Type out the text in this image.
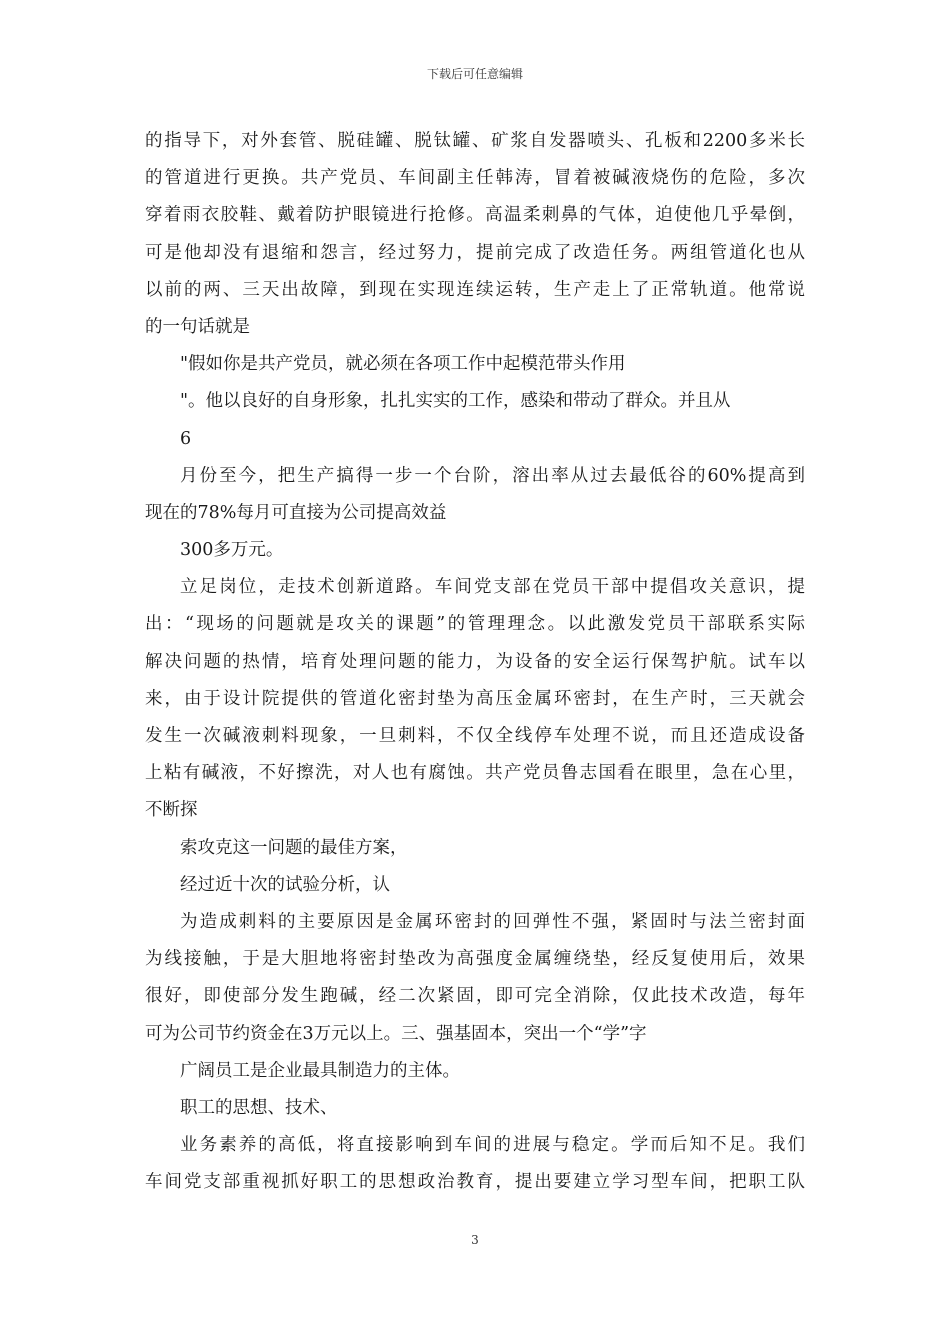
下载后可任意编辑
的指导下，对外套管、脱硅罐、脱钛罐、矿浆自发器喷头、孔板和2200多米长
的管道进行更换。共产党员、车间副主任韩涛，冒着被碱液烧伤的危险，多次
穿着雨衣胶鞋、戴着防护眼镜进行抢修。高温柔刺鼻的气体，迫使他几乎晕倒，
可是他却没有退缩和怨言，经过努力，提前完成了改造任务。两组管道化也从
以前的两、三天出故障，到现在实现连续运转，生产走上了正常轨道。他常说
的一句话就是
"假如你是共产党员，就必须在各项工作中起模范带头作用
"。他以良好的自身形象，扎扎实实的工作，感染和带动了群众。并且从
6
月份至今，把生产搞得一步一个台阶，溶出率从过去最低谷的60%提高到
现在的78%每月可直接为公司提高效益
300多万元。
立足岗位，走技术创新道路。车间党支部在党员干部中提倡攻关意识，提
出：“现场的问题就是攻关的课题”的管理理念。以此激发党员干部联系实际
解决问题的热情，培育处理问题的能力，为设备的安全运行保驾护航。试车以
来，由于设计院提供的管道化密封垫为高压金属环密封，在生产时，三天就会
发生一次碱液刺料现象，一旦刺料，不仅全线停车处理不说，而且还造成设备
上粘有碱液，不好擦洗，对人也有腐蚀。共产党员鲁志国看在眼里，急在心里，
不断探
索攻克这一问题的最佳方案，
经过近十次的试验分析，认
为造成刺料的主要原因是金属环密封的回弹性不强，紧固时与法兰密封面
为线接触，于是大胆地将密封垫改为高强度金属缠绕垫，经反复使用后，效果
很好，即使部分发生跑碱，经二次紧固，即可完全消除，仅此技术改造，每年
可为公司节约资金在3万元以上。三、强基固本，突出一个“学”字
广阔员工是企业最具制造力的主体。
职工的思想、技术、
业务素养的高低，将直接影响到车间的进展与稳定。学而后知不足。我们
车间党支部重视抓好职工的思想政治教育，提出要建立学习型车间，把职工队
3
